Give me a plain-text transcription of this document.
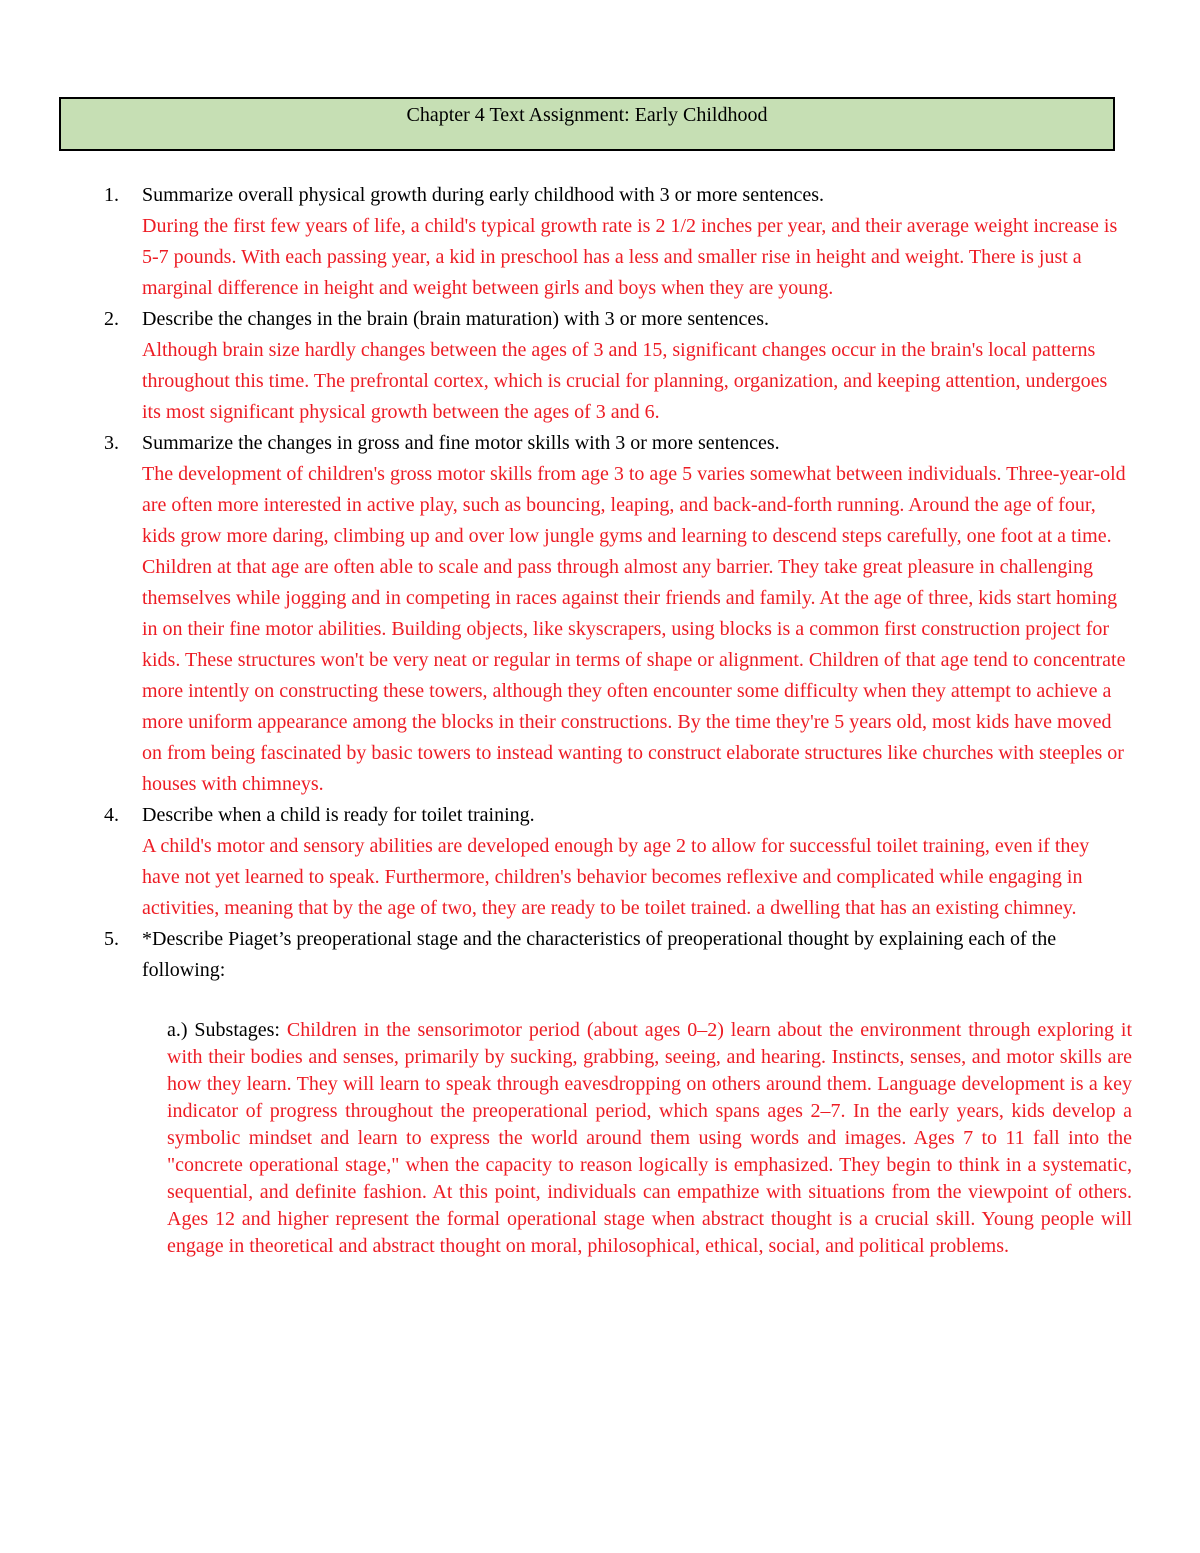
Chapter 4 Text Assignment: Early Childhood
1. Summarize overall physical growth during early childhood with 3 or more sentences.
During the first few years of life, a child's typical growth rate is 2 1/2 inches per year, and their average weight increase is 5-7 pounds. With each passing year, a kid in preschool has a less and smaller rise in height and weight. There is just a marginal difference in height and weight between girls and boys when they are young.
2. Describe the changes in the brain (brain maturation) with 3 or more sentences.
Although brain size hardly changes between the ages of 3 and 15, significant changes occur in the brain's local patterns throughout this time. The prefrontal cortex, which is crucial for planning, organization, and keeping attention, undergoes its most significant physical growth between the ages of 3 and 6.
3. Summarize the changes in gross and fine motor skills with 3 or more sentences.
The development of children's gross motor skills from age 3 to age 5 varies somewhat between individuals. Three-year-old are often more interested in active play, such as bouncing, leaping, and back-and-forth running. Around the age of four, kids grow more daring, climbing up and over low jungle gyms and learning to descend steps carefully, one foot at a time. Children at that age are often able to scale and pass through almost any barrier. They take great pleasure in challenging themselves while jogging and in competing in races against their friends and family. At the age of three, kids start homing in on their fine motor abilities. Building objects, like skyscrapers, using blocks is a common first construction project for kids. These structures won't be very neat or regular in terms of shape or alignment. Children of that age tend to concentrate more intently on constructing these towers, although they often encounter some difficulty when they attempt to achieve a more uniform appearance among the blocks in their constructions. By the time they're 5 years old, most kids have moved on from being fascinated by basic towers to instead wanting to construct elaborate structures like churches with steeples or houses with chimneys.
4. Describe when a child is ready for toilet training.
A child's motor and sensory abilities are developed enough by age 2 to allow for successful toilet training, even if they have not yet learned to speak. Furthermore, children's behavior becomes reflexive and complicated while engaging in activities, meaning that by the age of two, they are ready to be toilet trained. a dwelling that has an existing chimney.
5. *Describe Piaget’s preoperational stage and the characteristics of preoperational thought by explaining each of the following:
a.) Substages: Children in the sensorimotor period (about ages 0–2) learn about the environment through exploring it with their bodies and senses, primarily by sucking, grabbing, seeing, and hearing. Instincts, senses, and motor skills are how they learn. They will learn to speak through eavesdropping on others around them. Language development is a key indicator of progress throughout the preoperational period, which spans ages 2–7. In the early years, kids develop a symbolic mindset and learn to express the world around them using words and images. Ages 7 to 11 fall into the "concrete operational stage," when the capacity to reason logically is emphasized. They begin to think in a systematic, sequential, and definite fashion. At this point, individuals can empathize with situations from the viewpoint of others. Ages 12 and higher represent the formal operational stage when abstract thought is a crucial skill. Young people will engage in theoretical and abstract thought on moral, philosophical, ethical, social, and political problems.
